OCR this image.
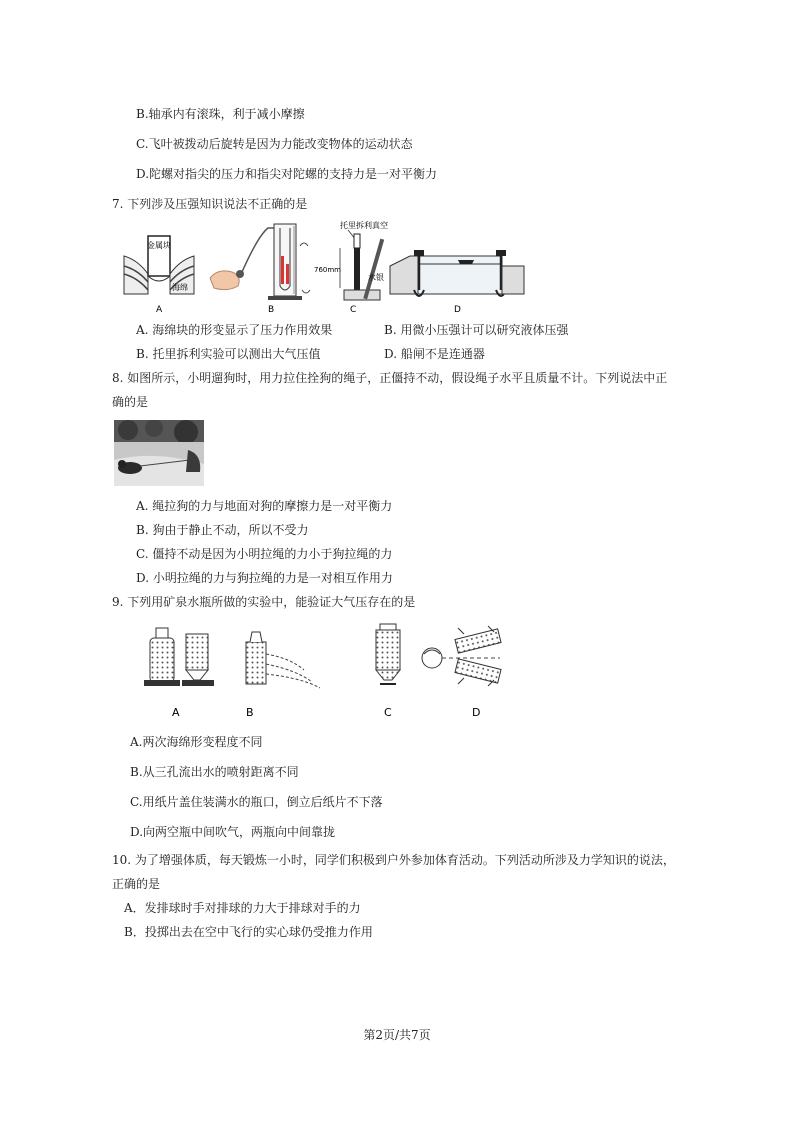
B.轴承内有滚珠，利于减小摩擦
C.飞叶被拨动后旋转是因为力能改变物体的运动状态
D.陀螺对指尖的压力和指尖对陀螺的支持力是一对平衡力
7. 下列涉及压强知识说法不正确的是
金属块
海绵
A	B
托里拆利真空
760mm
水银
C	D
A. 海绵块的形变显示了压力作用效果	B. 用微小压强计可以研究液体压强
B. 托里拆利实验可以测出大气压值	D. 船闸不是连通器
8. 如图所示，小明遛狗时，用力拉住拴狗的绳子，正僵持不动，假设绳子水平且质量不计。下列说法中正
确的是
A. 绳拉狗的力与地面对狗的摩擦力是一对平衡力
B. 狗由于静止不动，所以不受力
C. 僵持不动是因为小明拉绳的力小于狗拉绳的力
D. 小明拉绳的力与狗拉绳的力是一对相互作用力
9. 下列用矿泉水瓶所做的实验中，能验证大气压存在的是
A	B	C	D
A.两次海绵形变程度不同
B.从三孔流出水的喷射距离不同
C.用纸片盖住装满水的瓶口，倒立后纸片不下落
D.向两空瓶中间吹气，两瓶向中间靠拢
10. 为了增强体质，每天锻炼一小时，同学们积极到户外参加体育活动。下列活动所涉及力学知识的说法，
正确的是
A．发排球时手对排球的力大于排球对手的力
B．投掷出去在空中飞行的实心球仍受推力作用
第2页/共7页
